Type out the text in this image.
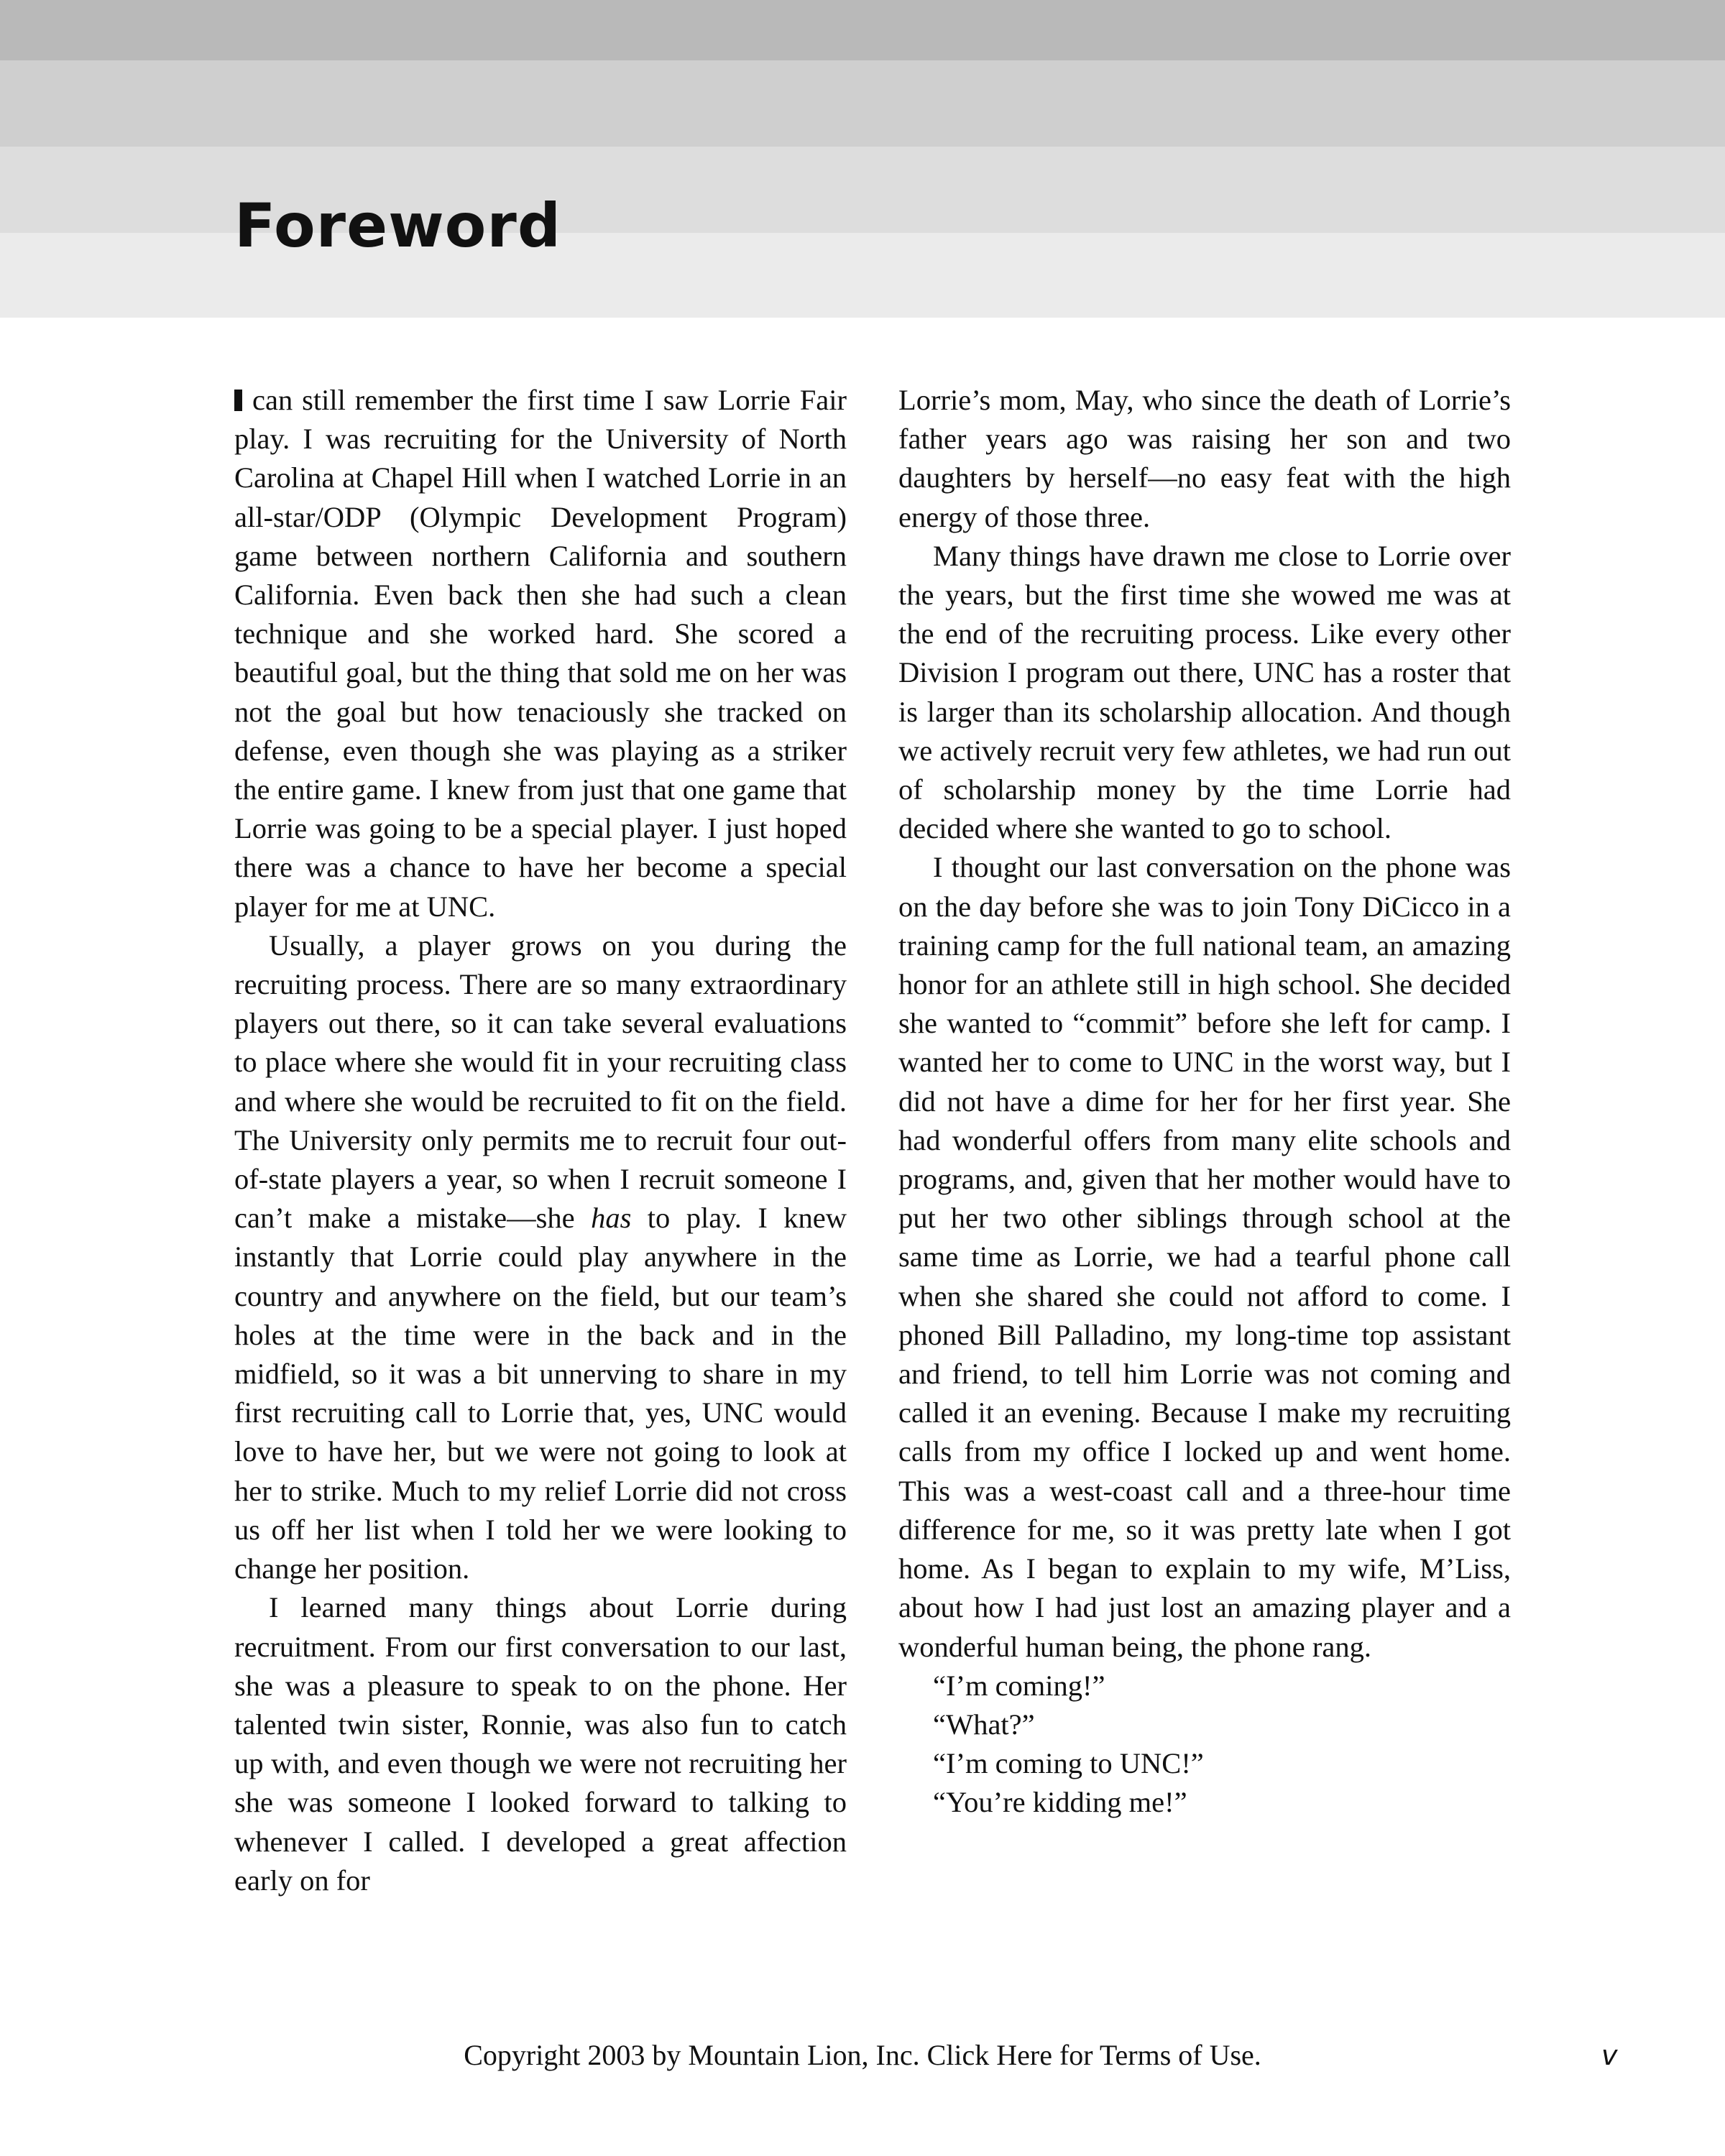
Foreword

can still remember the first time I saw Lorrie Fair play. I was recruiting for the University of North Carolina at Chapel Hill when I watched Lorrie in an all-star/ODP (Olympic Development Program) game between northern California and southern California. Even back then she had such a clean technique and she worked hard. She scored a beautiful goal, but the thing that sold me on her was not the goal but how tenaciously she tracked on defense, even though she was playing as a striker the entire game. I knew from just that one game that Lorrie was going to be a special player. I just hoped there was a chance to have her become a special player for me at UNC.

Usually, a player grows on you during the recruiting process. There are so many extraordinary players out there, so it can take several evaluations to place where she would fit in your recruiting class and where she would be recruited to fit on the field. The University only permits me to recruit four out-of-state players a year, so when I recruit someone I can’t make a mistake—she has to play. I knew instantly that Lorrie could play anywhere in the country and anywhere on the field, but our team’s holes at the time were in the back and in the midfield, so it was a bit unnerving to share in my first recruiting call to Lorrie that, yes, UNC would love to have her, but we were not going to look at her to strike. Much to my relief Lorrie did not cross us off her list when I told her we were looking to change her position.

I learned many things about Lorrie during recruitment. From our first conversation to our last, she was a pleasure to speak to on the phone. Her talented twin sister, Ronnie, was also fun to catch up with, and even though we were not recruiting her she was someone I looked forward to talking to whenever I called. I developed a great affection early on for

Lorrie’s mom, May, who since the death of Lorrie’s father years ago was raising her son and two daughters by herself—no easy feat with the high energy of those three.

Many things have drawn me close to Lorrie over the years, but the first time she wowed me was at the end of the recruiting process. Like every other Division I program out there, UNC has a roster that is larger than its scholarship allocation. And though we actively recruit very few athletes, we had run out of scholarship money by the time Lorrie had decided where she wanted to go to school.

I thought our last conversation on the phone was on the day before she was to join Tony DiCicco in a training camp for the full national team, an amazing honor for an athlete still in high school. She decided she wanted to “commit” before she left for camp. I wanted her to come to UNC in the worst way, but I did not have a dime for her for her first year. She had wonderful offers from many elite schools and programs, and, given that her mother would have to put her two other siblings through school at the same time as Lorrie, we had a tearful phone call when she shared she could not afford to come. I phoned Bill Palladino, my long-time top assistant and friend, to tell him Lorrie was not coming and called it an evening. Because I make my recruiting calls from my office I locked up and went home. This was a west-coast call and a three-hour time difference for me, so it was pretty late when I got home. As I began to explain to my wife, M’Liss, about how I had just lost an amazing player and a wonderful human being, the phone rang.

“I’m coming!”

“What?”

“I’m coming to UNC!”

“You’re kidding me!”

Copyright 2003 by Mountain Lion, Inc. Click Here for Terms of Use.	v
